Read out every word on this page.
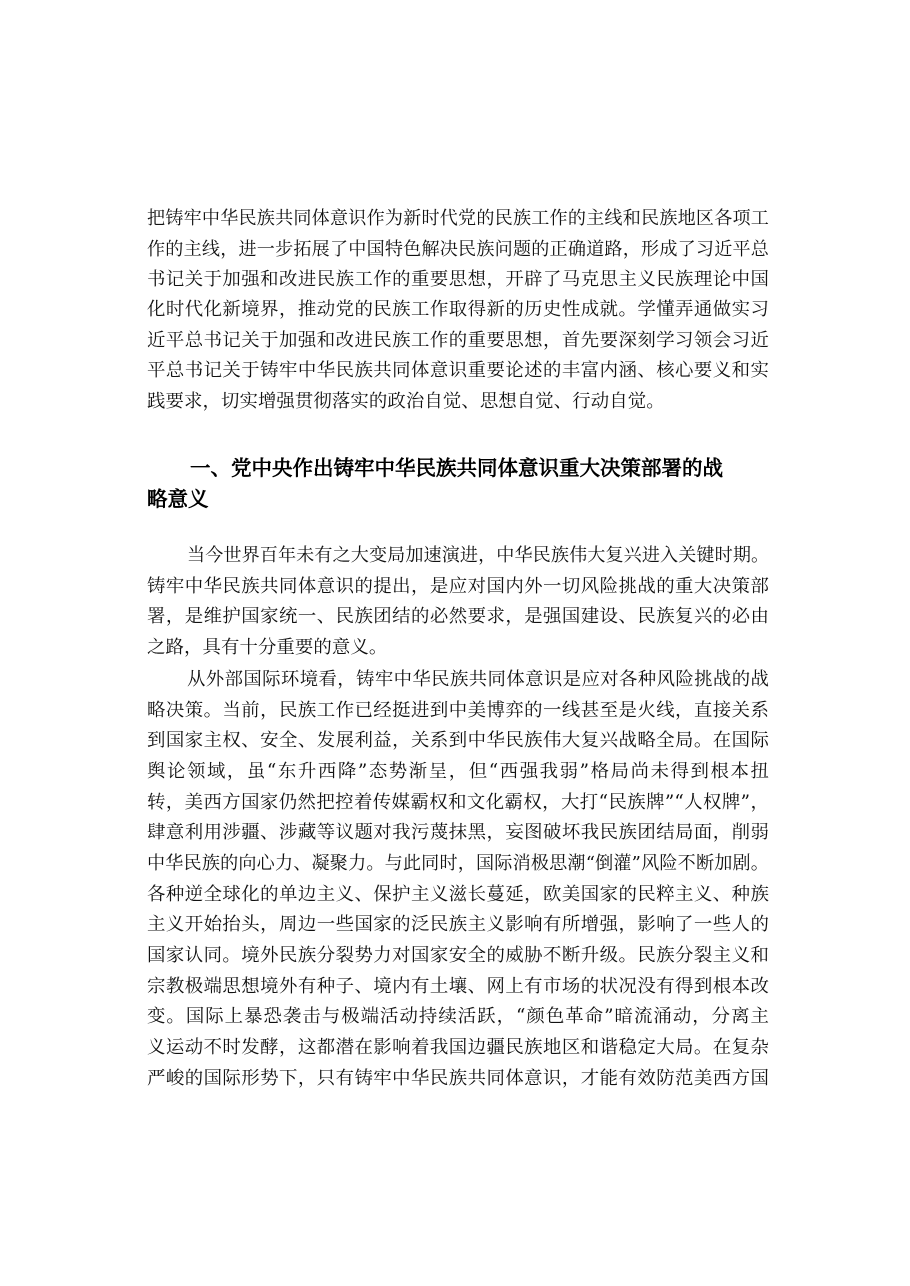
把铸牢中华民族共同体意识作为新时代党的民族工作的主线和民族地区各项工
作的主线，进一步拓展了中国特色解决民族问题的正确道路，形成了习近平总
书记关于加强和改进民族工作的重要思想，开辟了马克思主义民族理论中国
化时代化新境界，推动党的民族工作取得新的历史性成就。学懂弄通做实习
近平总书记关于加强和改进民族工作的重要思想，首先要深刻学习领会习近
平总书记关于铸牢中华民族共同体意识重要论述的丰富内涵、核心要义和实
践要求，切实增强贯彻落实的政治自觉、思想自觉、行动自觉。
一、党中央作出铸牢中华民族共同体意识重大决策部署的战
略意义
当今世界百年未有之大变局加速演进，中华民族伟大复兴进入关键时期。
铸牢中华民族共同体意识的提出，是应对国内外一切风险挑战的重大决策部
署，是维护国家统一、民族团结的必然要求，是强国建设、民族复兴的必由
之路，具有十分重要的意义。
从外部国际环境看，铸牢中华民族共同体意识是应对各种风险挑战的战
略决策。当前，民族工作已经挺进到中美博弈的一线甚至是火线，直接关系
到国家主权、安全、发展利益，关系到中华民族伟大复兴战略全局。在国际
舆论领域，虽“东升西降”态势渐呈，但“西强我弱”格局尚未得到根本扭
转，美西方国家仍然把控着传媒霸权和文化霸权，大打“民族牌”“人权牌”，
肆意利用涉疆、涉藏等议题对我污蔑抹黑，妄图破坏我民族团结局面，削弱
中华民族的向心力、凝聚力。与此同时，国际消极思潮“倒灌”风险不断加剧。
各种逆全球化的单边主义、保护主义滋长蔓延，欧美国家的民粹主义、种族
主义开始抬头，周边一些国家的泛民族主义影响有所增强，影响了一些人的
国家认同。境外民族分裂势力对国家安全的威胁不断升级。民族分裂主义和
宗教极端思想境外有种子、境内有土壤、网上有市场的状况没有得到根本改
变。国际上暴恐袭击与极端活动持续活跃，“颜色革命”暗流涌动，分离主
义运动不时发酵，这都潜在影响着我国边疆民族地区和谐稳定大局。在复杂
严峻的国际形势下，只有铸牢中华民族共同体意识，才能有效防范美西方国
